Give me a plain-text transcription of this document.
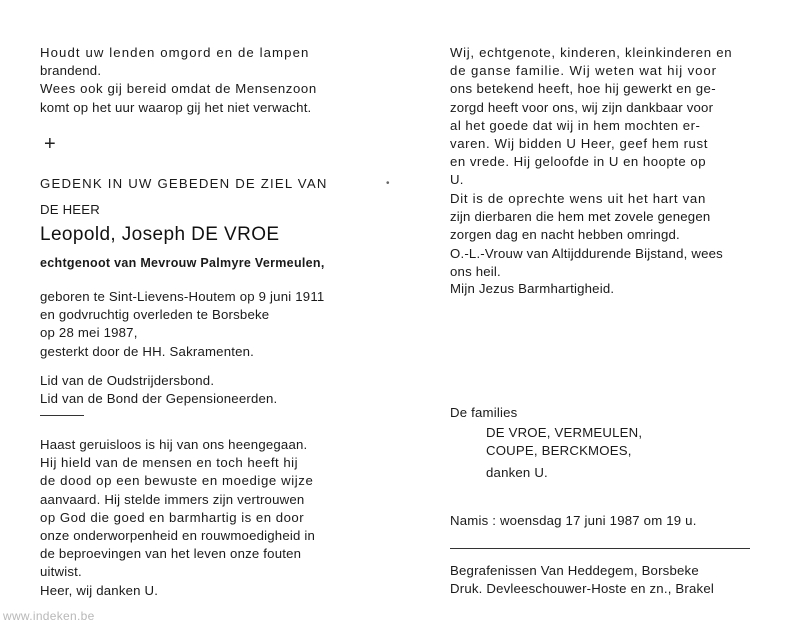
Houdt uw lenden omgord en de lampen
brandend.
Wees ook gij bereid omdat de Mensenzoon
komt op het uur waarop gij het niet verwacht.
+
GEDENK IN UW GEBEDEN DE ZIEL VAN
DE HEER
•
Leopold, Joseph DE VROE
echtgenoot van Mevrouw Palmyre Vermeulen,
geboren te Sint-Lievens-Houtem op 9 juni 1911
en godvruchtig overleden te Borsbeke
op 28 mei 1987,
gesterkt door de HH. Sakramenten.
Lid van de Oudstrijdersbond.
Lid van de Bond der Gepensioneerden.
Haast geruisloos is hij van ons heengegaan.
Hij hield van de mensen en toch heeft hij
de dood op een bewuste en moedige wijze
aanvaard. Hij stelde immers zijn vertrouwen
op God die goed en barmhartig is en door
onze onderworpenheid en rouwmoedigheid in
de beproevingen van het leven onze fouten
uitwist.
Heer, wij danken U.
Wij, echtgenote, kinderen, kleinkinderen en
de ganse familie. Wij weten wat hij voor
ons betekend heeft, hoe hij gewerkt en ge-
zorgd heeft voor ons, wij zijn dankbaar voor
al het goede dat wij in hem mochten er-
varen. Wij bidden U Heer, geef hem rust
en vrede. Hij geloofde in U en hoopte op
U.
Dit is de oprechte wens uit het hart van
zijn dierbaren die hem met zovele genegen
zorgen dag en nacht hebben omringd.
O.-L.-Vrouw van Altijddurende Bijstand, wees
ons heil.
Mijn Jezus Barmhartigheid.
De families
DE VROE, VERMEULEN,
COUPE, BERCKMOES,
danken U.
Namis : woensdag 17 juni 1987 om 19 u.
Begrafenissen Van Heddegem, Borsbeke
Druk. Devleeschouwer-Hoste en zn., Brakel
www.indeken.be
